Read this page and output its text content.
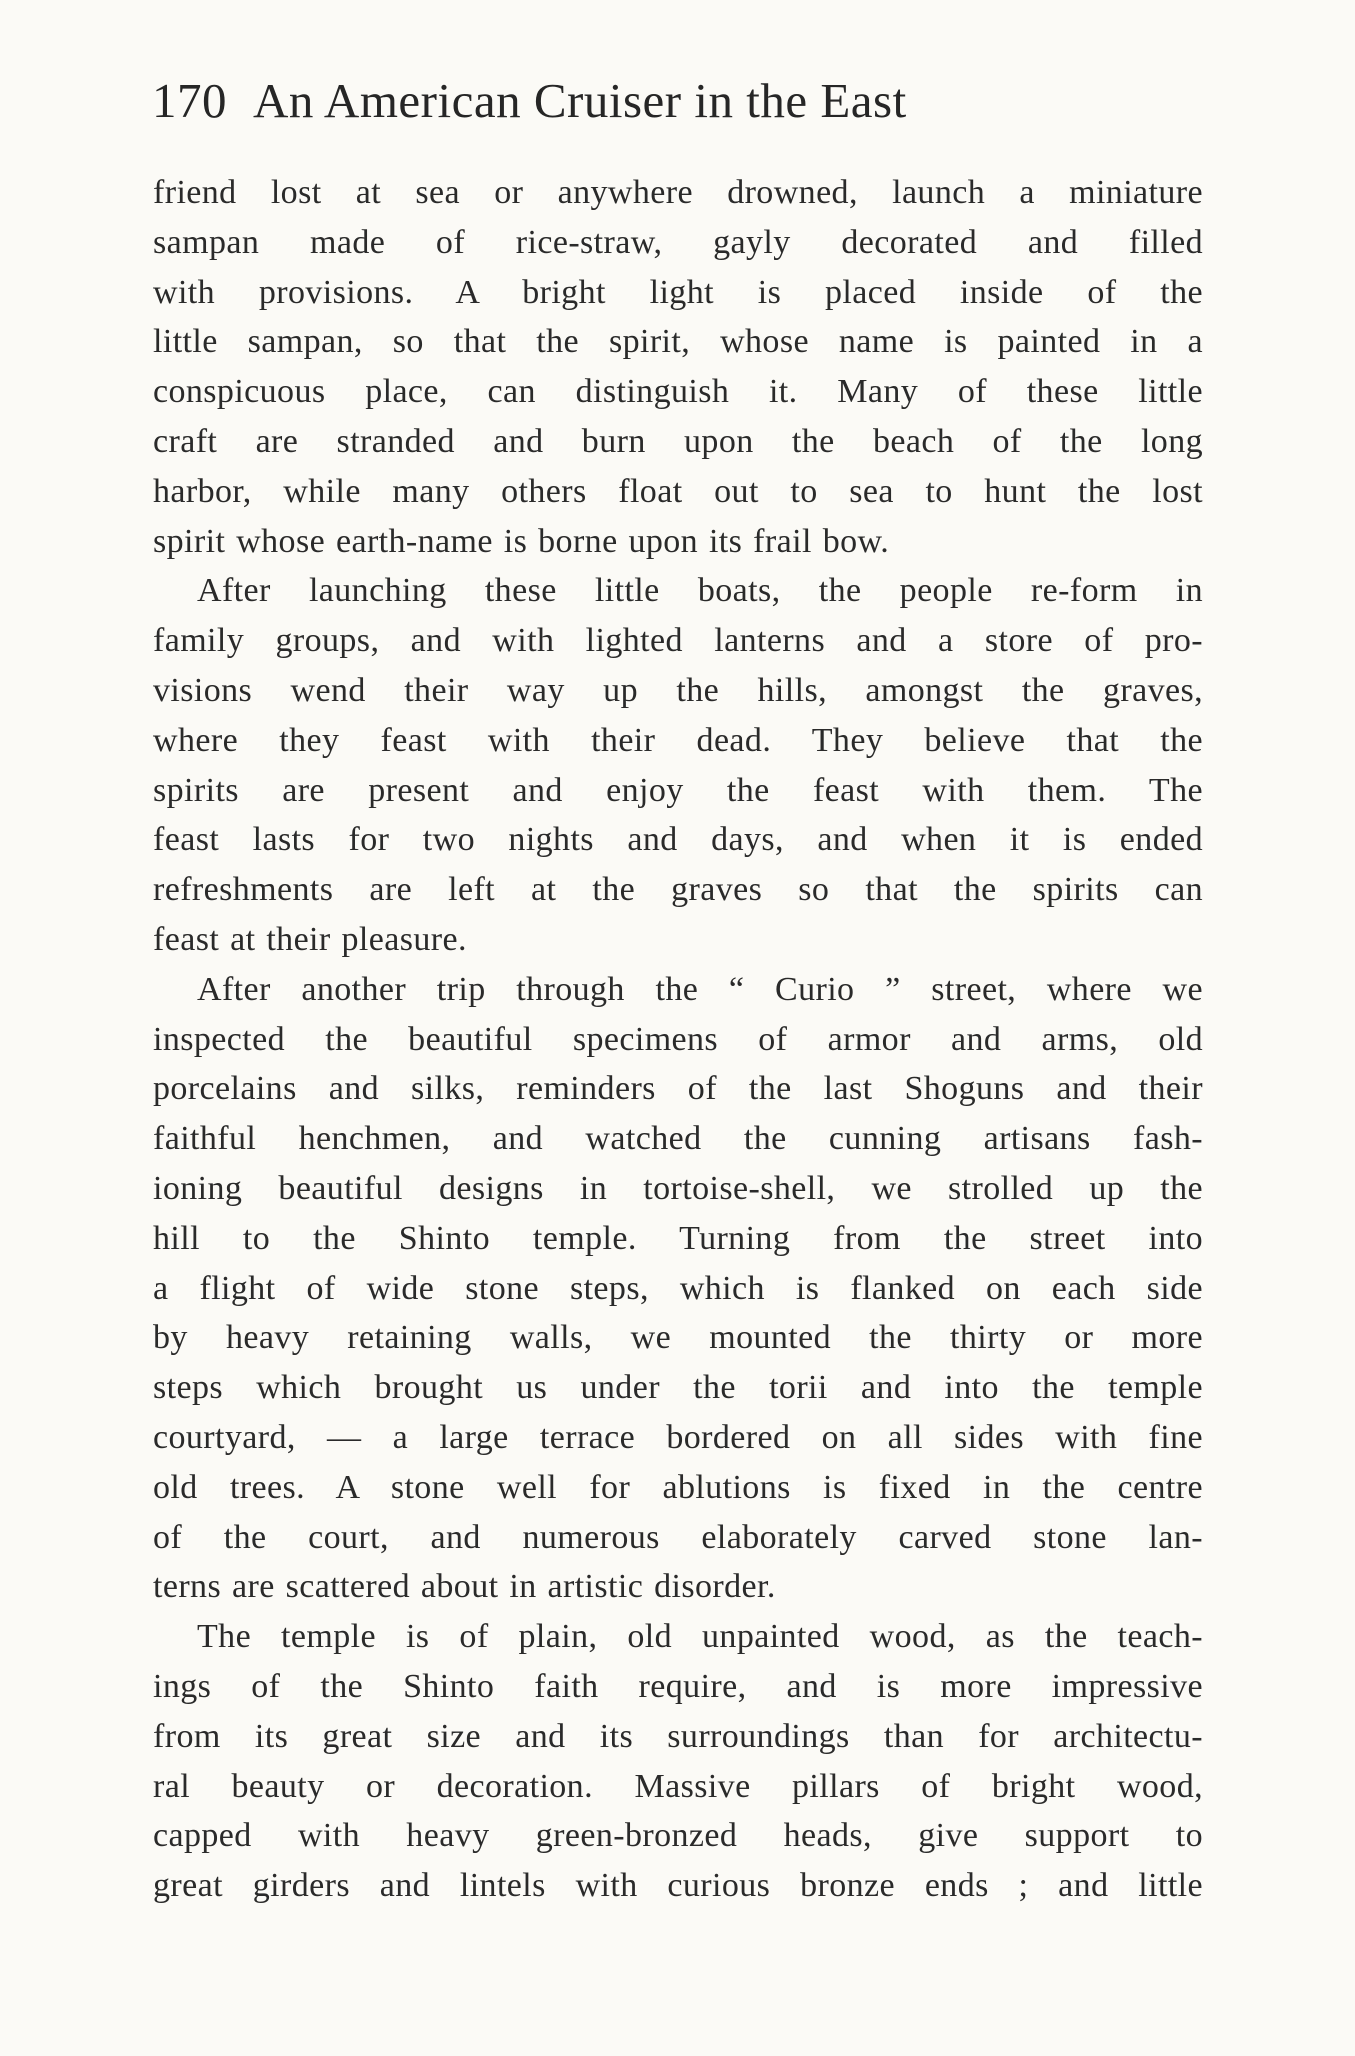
170 An American Cruiser in the East
friend lost at sea or anywhere drowned, launch a miniature
sampan made of rice-straw, gayly decorated and filled
with provisions. A bright light is placed inside of the
little sampan, so that the spirit, whose name is painted in a
conspicuous place, can distinguish it. Many of these little
craft are stranded and burn upon the beach of the long
harbor, while many others float out to sea to hunt the lost
spirit whose earth-name is borne upon its frail bow.
After launching these little boats, the people re-form in
family groups, and with lighted lanterns and a store of pro-
visions wend their way up the hills, amongst the graves,
where they feast with their dead. They believe that the
spirits are present and enjoy the feast with them. The
feast lasts for two nights and days, and when it is ended
refreshments are left at the graves so that the spirits can
feast at their pleasure.
After another trip through the “ Curio ” street, where we
inspected the beautiful specimens of armor and arms, old
porcelains and silks, reminders of the last Shoguns and their
faithful henchmen, and watched the cunning artisans fash-
ioning beautiful designs in tortoise-shell, we strolled up the
hill to the Shinto temple. Turning from the street into
a flight of wide stone steps, which is flanked on each side
by heavy retaining walls, we mounted the thirty or more
steps which brought us under the torii and into the temple
courtyard, — a large terrace bordered on all sides with fine
old trees. A stone well for ablutions is fixed in the centre
of the court, and numerous elaborately carved stone lan-
terns are scattered about in artistic disorder.
The temple is of plain, old unpainted wood, as the teach-
ings of the Shinto faith require, and is more impressive
from its great size and its surroundings than for architectu-
ral beauty or decoration. Massive pillars of bright wood,
capped with heavy green-bronzed heads, give support to
great girders and lintels with curious bronze ends ; and little
